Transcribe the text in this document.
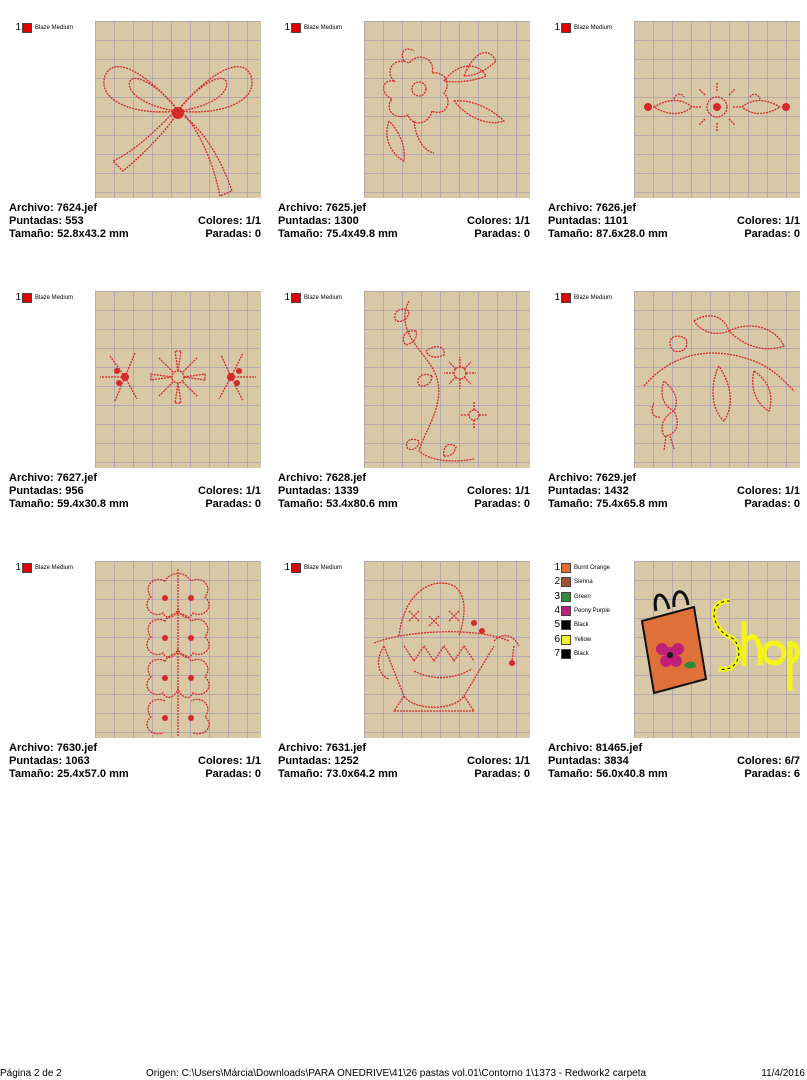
1 Blaze Medium
Archivo: 7624.jef
Puntadas: 553	Colores: 1/1
Tamaño: 52.8x43.2 mm	Paradas: 0
1 Blaze Medium
Archivo: 7625.jef
Puntadas: 1300	Colores: 1/1
Tamaño: 75.4x49.8 mm	Paradas: 0
1 Blaze Medium
Archivo: 7626.jef
Puntadas: 1101	Colores: 1/1
Tamaño: 87.6x28.0 mm	Paradas: 0
1 Blaze Medium
Archivo: 7627.jef
Puntadas: 956	Colores: 1/1
Tamaño: 59.4x30.8 mm	Paradas: 0
1 Blaze Medium
Archivo: 7628.jef
Puntadas: 1339	Colores: 1/1
Tamaño: 53.4x80.6 mm	Paradas: 0
1 Blaze Medium
Archivo: 7629.jef
Puntadas: 1432	Colores: 1/1
Tamaño: 75.4x65.8 mm	Paradas: 0
1 Blaze Medium
Archivo: 7630.jef
Puntadas: 1063	Colores: 1/1
Tamaño: 25.4x57.0 mm	Paradas: 0
1 Blaze Medium
Archivo: 7631.jef
Puntadas: 1252	Colores: 1/1
Tamaño: 73.0x64.2 mm	Paradas: 0
1 Burnt Orange
2 Sienna
3 Green
4 Peony Purple
5 Black
6 Yellow
7 Black
Archivo: 81465.jef
Puntadas: 3834	Colores: 6/7
Tamaño: 56.0x40.8 mm	Paradas: 6
Página 2 de 2	Origen: C:\Users\Márcia\Downloads\PARA ONEDRIVE\41\26 pastas vol.01\Contorno 1\1373 - Redwork2 carpeta	11/4/2016
